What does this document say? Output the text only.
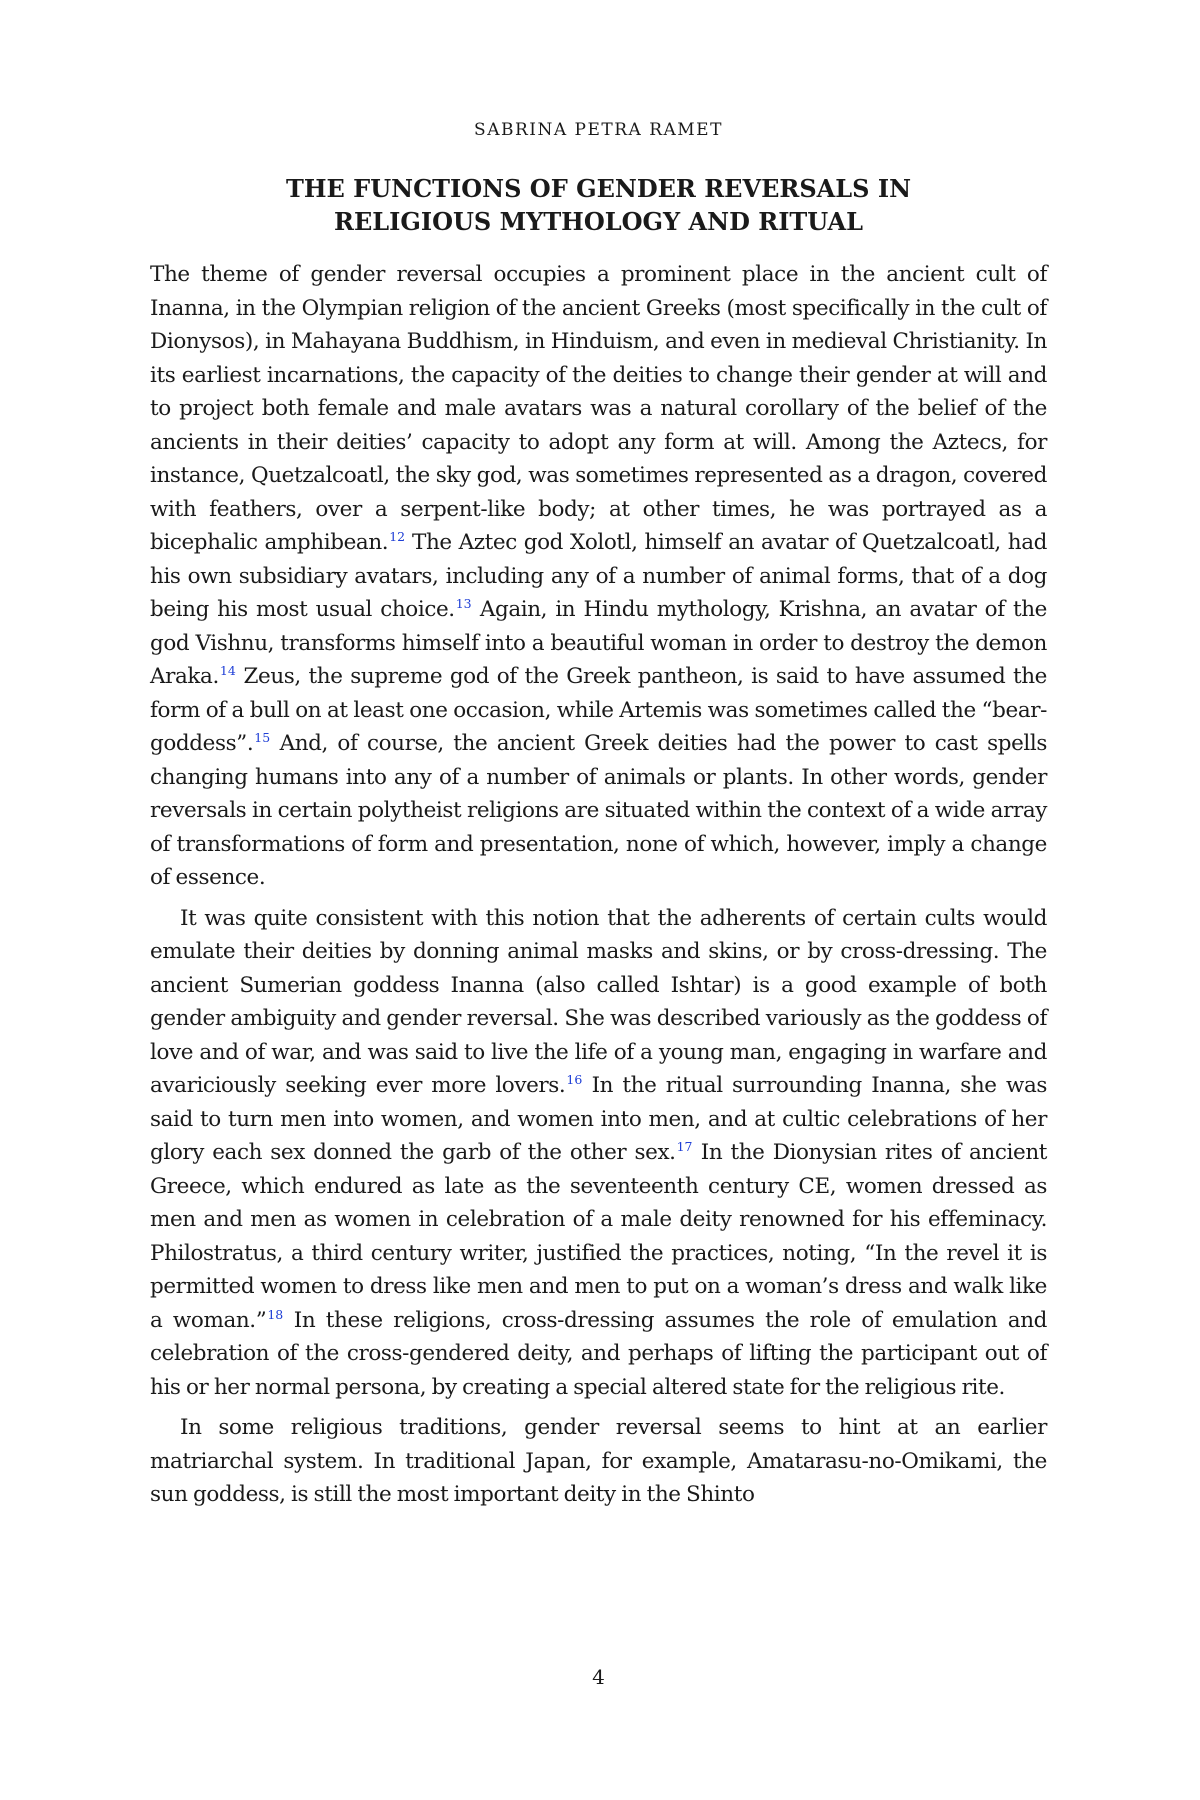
SABRINA PETRA RAMET
THE FUNCTIONS OF GENDER REVERSALS IN
RELIGIOUS MYTHOLOGY AND RITUAL

The theme of gender reversal occupies a prominent place in the ancient cult of Inanna, in the Olympian religion of the ancient Greeks (most specifically in the cult of Dionysos), in Mahayana Buddhism, in Hinduism, and even in medieval Christianity. In its earliest incarnations, the capacity of the deities to change their gender at will and to project both female and male avatars was a natural corollary of the belief of the ancients in their deities’ capacity to adopt any form at will. Among the Aztecs, for instance, Quetzalcoatl, the sky god, was sometimes represented as a dragon, covered with feathers, over a serpent-like body; at other times, he was portrayed as a bicephalic amphibean.$^{12}$ The Aztec god Xolotl, himself an avatar of Quetzalcoatl, had his own subsidiary avatars, including any of a number of animal forms, that of a dog being his most usual choice.$^{13}$ Again, in Hindu mythology, Krishna, an avatar of the god Vishnu, transforms himself into a beautiful woman in order to destroy the demon Araka.$^{14}$ Zeus, the supreme god of the Greek pantheon, is said to have assumed the form of a bull on at least one occasion, while Artemis was sometimes called the “bear-goddess”.$^{15}$ And, of course, the ancient Greek deities had the power to cast spells changing humans into any of a number of animals or plants. In other words, gender reversals in certain polytheist religions are situated within the context of a wide array of transformations of form and presentation, none of which, however, imply a change of essence.

It was quite consistent with this notion that the adherents of certain cults would emulate their deities by donning animal masks and skins, or by cross-dressing. The ancient Sumerian goddess Inanna (also called Ishtar) is a good example of both gender ambiguity and gender reversal. She was described variously as the goddess of love and of war, and was said to live the life of a young man, engaging in warfare and avariciously seeking ever more lovers.$^{16}$ In the ritual surrounding Inanna, she was said to turn men into women, and women into men, and at cultic celebrations of her glory each sex donned the garb of the other sex.$^{17}$ In the Dionysian rites of ancient Greece, which endured as late as the seventeenth century CE, women dressed as men and men as women in celebration of a male deity renowned for his effeminacy. Philostratus, a third century writer, justified the practices, noting, “In the revel it is permitted women to dress like men and men to put on a woman’s dress and walk like a woman.”$^{18}$ In these religions, cross-dressing assumes the role of emulation and celebration of the cross-gendered deity, and perhaps of lifting the participant out of his or her normal persona, by creating a special altered state for the religious rite.

In some religious traditions, gender reversal seems to hint at an earlier matriarchal system. In traditional Japan, for example, Amatarasu-no-Omikami, the sun goddess, is still the most important deity in the Shinto

4
